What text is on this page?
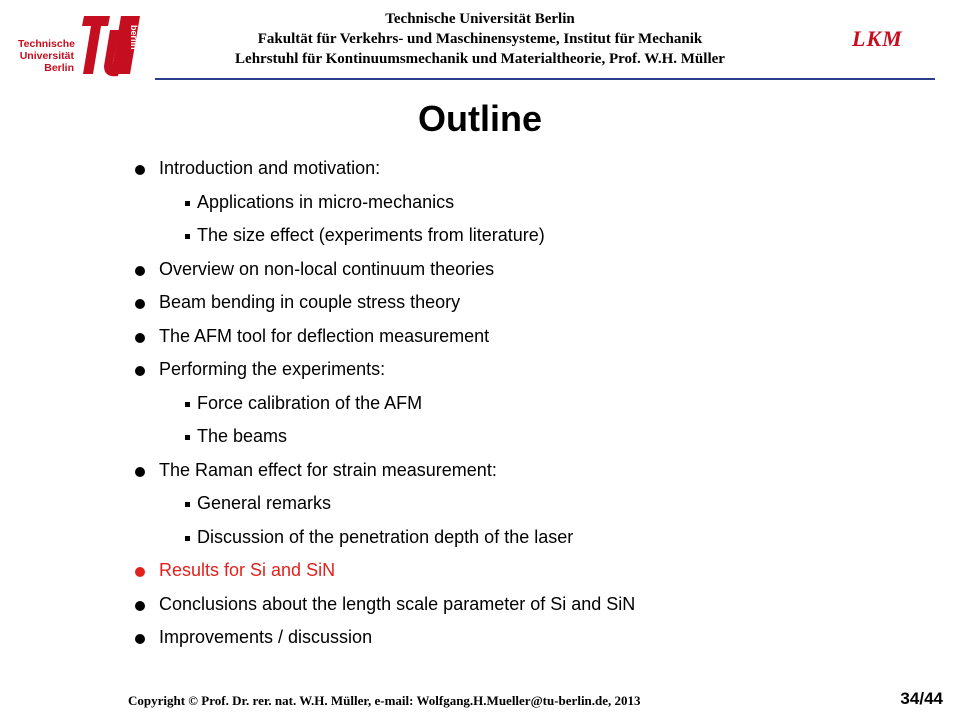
Technische
Universität
Berlin
berlin
Technische Universität Berlin
Fakultät für Verkehrs- und Maschinensysteme, Institut für Mechanik
Lehrstuhl für Kontinuumsmechanik und Materialtheorie, Prof. W.H. Müller
LKM
Outline
Introduction and motivation:
Applications in micro-mechanics
The size effect (experiments from literature)
Overview on non-local continuum theories
Beam bending in couple stress theory
The AFM tool for deflection measurement
Performing the experiments:
Force calibration of the AFM
The beams
The Raman effect for strain measurement:
General remarks
Discussion of the penetration depth of the laser
Results for Si and SiN
Conclusions about the length scale parameter of Si and SiN
Improvements / discussion
Copyright © Prof. Dr. rer. nat. W.H. Müller, e-mail: Wolfgang.H.Mueller@tu-berlin.de, 2013	34/44
